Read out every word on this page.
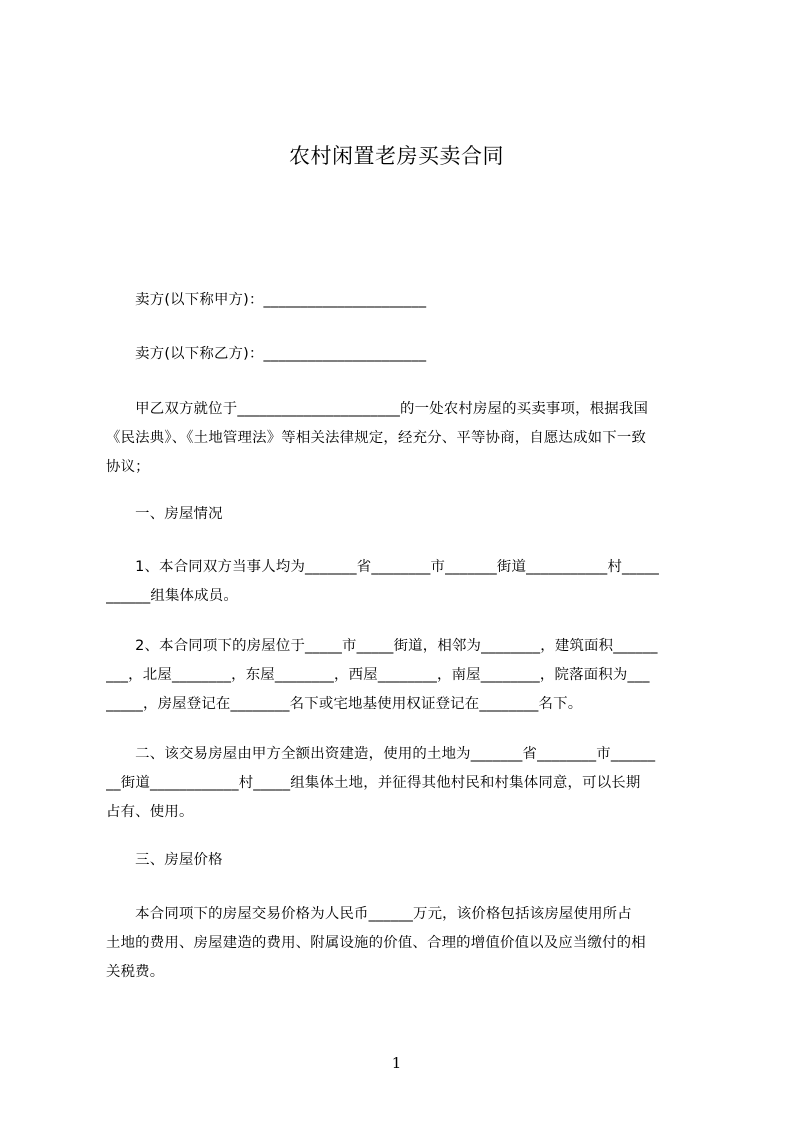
农村闲置老房买卖合同
　　卖方(以下称甲方)：______________________
　　卖方(以下称乙方)：______________________
　　甲乙双方就位于______________________的一处农村房屋的买卖事项，根据我国
《民法典》、《土地管理法》等相关法律规定，经充分、平等协商，自愿达成如下一致
协议；
　　一、房屋情况
　　1、本合同双方当事人均为_______省________市_______街道___________村_____
______组集体成员。
　　2、本合同项下的房屋位于_____市_____街道，相邻为________，建筑面积______
___，北屋________，东屋________，西屋________，南屋________，院落面积为___
_____，房屋登记在________名下或宅地基使用权证登记在________名下。
　　二、该交易房屋由甲方全额出资建造，使用的土地为_______省________市______
__街道____________村_____组集体土地，并征得其他村民和村集体同意，可以长期
占有、使用。
　　三、房屋价格
　　本合同项下的房屋交易价格为人民币______万元，该价格包括该房屋使用所占
土地的费用、房屋建造的费用、附属设施的价值、合理的增值价值以及应当缴付的相
关税费。
1
